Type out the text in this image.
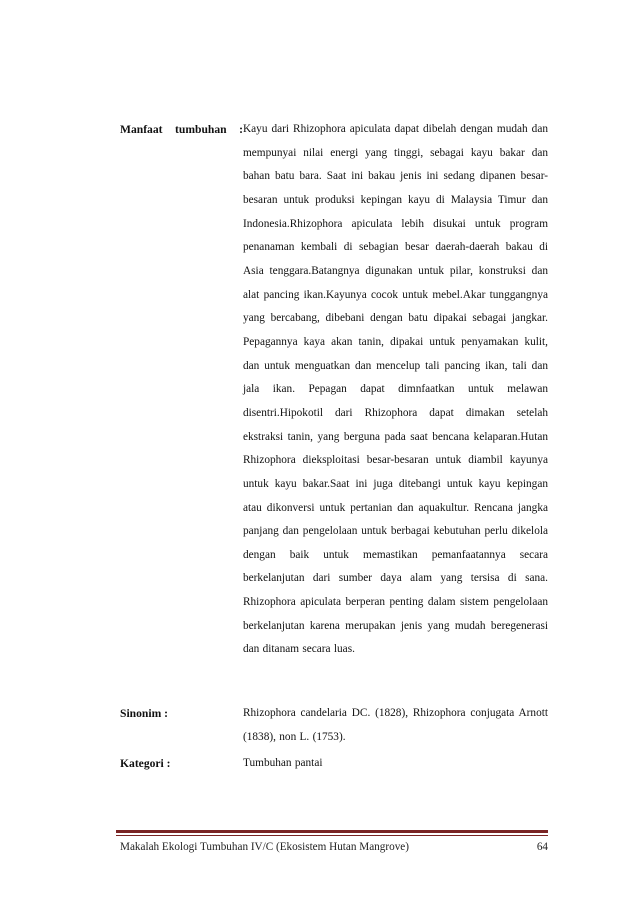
Manfaat tumbuhan : Kayu dari Rhizophora apiculata dapat dibelah dengan mudah dan mempunyai nilai energi yang tinggi, sebagai kayu bakar dan bahan batu bara. Saat ini bakau jenis ini sedang dipanen besar-besaran untuk produksi kepingan kayu di Malaysia Timur dan Indonesia.Rhizophora apiculata lebih disukai untuk program penanaman kembali di sebagian besar daerah-daerah bakau di Asia tenggara.Batangnya digunakan untuk pilar, konstruksi dan alat pancing ikan.Kayunya cocok untuk mebel.Akar tunggangnya yang bercabang, dibebani dengan batu dipakai sebagai jangkar. Pepagannya kaya akan tanin, dipakai untuk penyamakan kulit, dan untuk menguatkan dan mencelup tali pancing ikan, tali dan jala ikan. Pepagan dapat dimnfaatkan untuk melawan disentri.Hipokotil dari Rhizophora dapat dimakan setelah ekstraksi tanin, yang berguna pada saat bencana kelaparan.Hutan Rhizophora dieksploitasi besar-besaran untuk diambil kayunya untuk kayu bakar.Saat ini juga ditebangi untuk kayu kepingan atau dikonversi untuk pertanian dan aquakultur. Rencana jangka panjang dan pengelolaan untuk berbagai kebutuhan perlu dikelola dengan baik untuk memastikan pemanfaatannya secara berkelanjutan dari sumber daya alam yang tersisa di sana. Rhizophora apiculata berperan penting dalam sistem pengelolaan berkelanjutan karena merupakan jenis yang mudah beregenerasi dan ditanam secara luas.
Sinonim :	Rhizophora candelaria DC. (1828), Rhizophora conjugata Arnott (1838), non L. (1753).
Kategori :	Tumbuhan pantai
Makalah Ekologi Tumbuhan IV/C (Ekosistem Hutan Mangrove)	64
